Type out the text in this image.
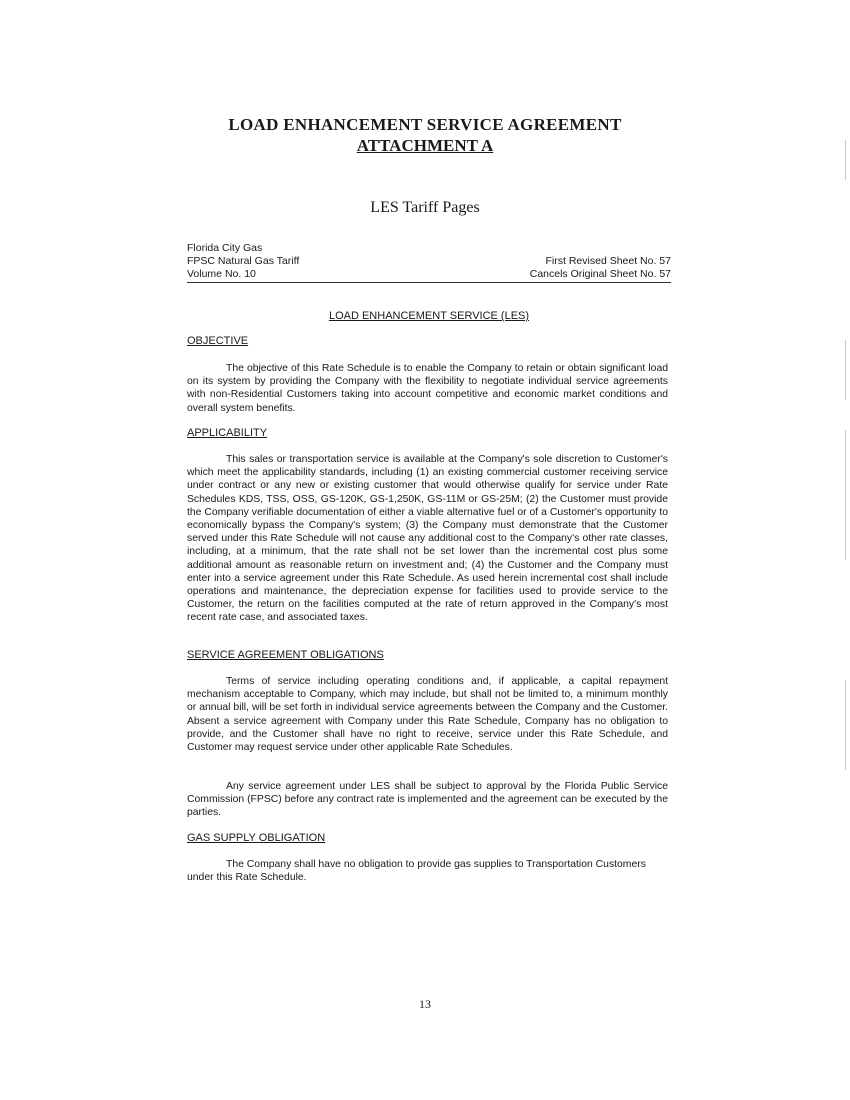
LOAD ENHANCEMENT SERVICE AGREEMENT
ATTACHMENT A
LES Tariff Pages
Florida City Gas
FPSC Natural Gas Tariff	First Revised Sheet No. 57
Volume No. 10	Cancels Original Sheet No. 57
LOAD ENHANCEMENT SERVICE (LES)
OBJECTIVE
The objective of this Rate Schedule is to enable the Company to retain or obtain significant load on its system by providing the Company with the flexibility to negotiate individual service agreements with non-Residential Customers taking into account competitive and economic market conditions and overall system benefits.
APPLICABILITY
This sales or transportation service is available at the Company's sole discretion to Customer's which meet the applicability standards, including (1) an existing commercial customer receiving service under contract or any new or existing customer that would otherwise qualify for service under Rate Schedules KDS, TSS, OSS, GS-120K, GS-1,250K, GS-11M or GS-25M; (2) the Customer must provide the Company verifiable documentation of either a viable alternative fuel or of a Customer's opportunity to economically bypass the Company's system; (3) the Company must demonstrate that the Customer served under this Rate Schedule will not cause any additional cost to the Company's other rate classes, including, at a minimum, that the rate shall not be set lower than the incremental cost plus some additional amount as reasonable return on investment and; (4) the Customer and the Company must enter into a service agreement under this Rate Schedule. As used herein incremental cost shall include operations and maintenance, the depreciation expense for facilities used to provide service to the Customer, the return on the facilities computed at the rate of return approved in the Company's most recent rate case, and associated taxes.
SERVICE AGREEMENT OBLIGATIONS
Terms of service including operating conditions and, if applicable, a capital repayment mechanism acceptable to Company, which may include, but shall not be limited to, a minimum monthly or annual bill, will be set forth in individual service agreements between the Company and the Customer. Absent a service agreement with Company under this Rate Schedule, Company has no obligation to provide, and the Customer shall have no right to receive, service under this Rate Schedule, and Customer may request service under other applicable Rate Schedules.
Any service agreement under LES shall be subject to approval by the Florida Public Service Commission (FPSC) before any contract rate is implemented and the agreement can be executed by the parties.
GAS SUPPLY OBLIGATION
The Company shall have no obligation to provide gas supplies to Transportation Customers under this Rate Schedule.
13
